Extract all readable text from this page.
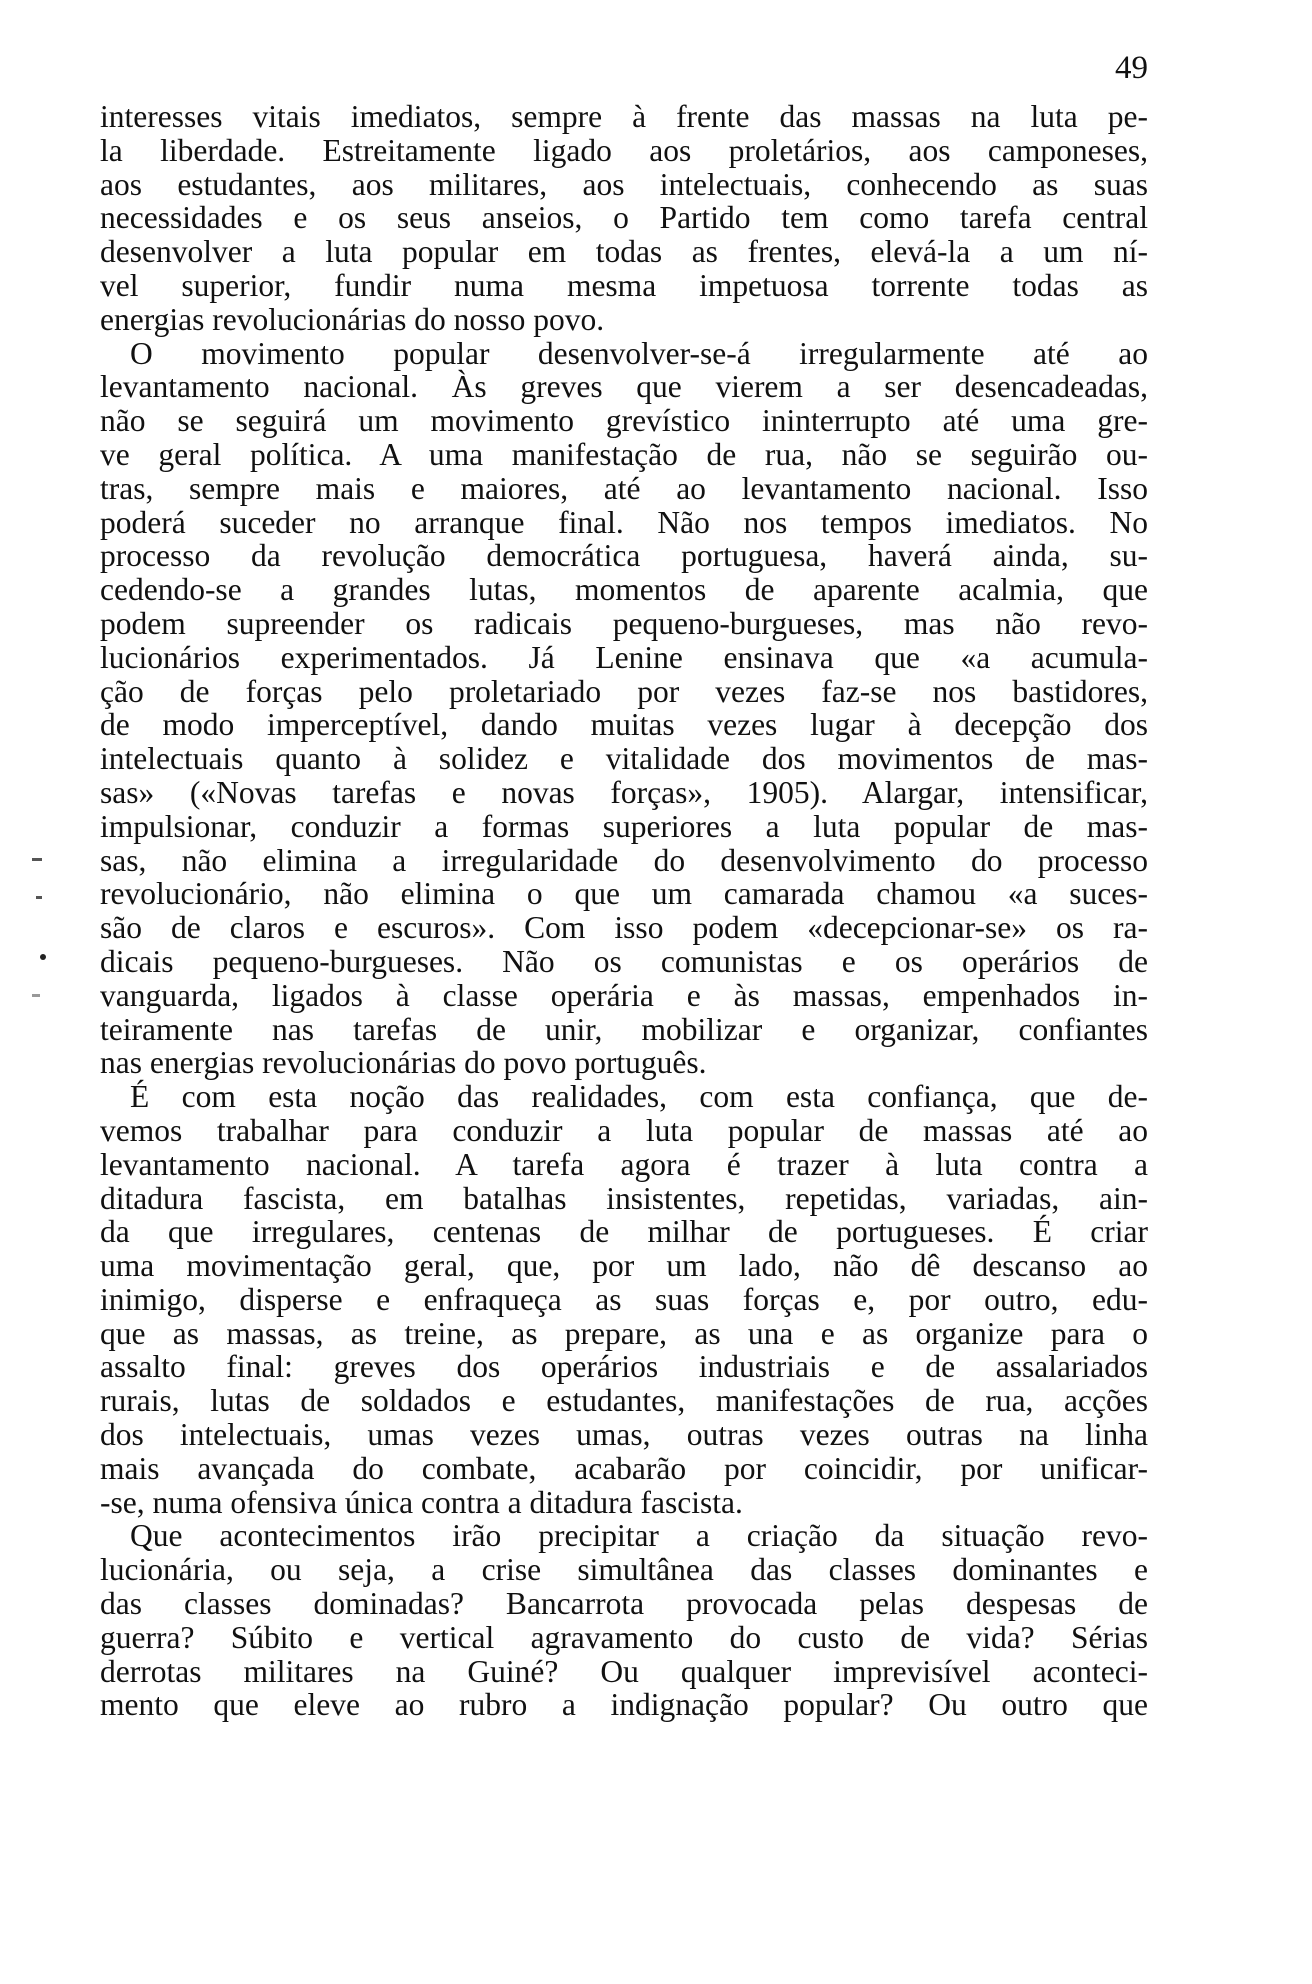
49

interesses vitais imediatos, sempre à frente das massas na luta pe-
la liberdade. Estreitamente ligado aos proletários, aos camponeses,
aos estudantes, aos militares, aos intelectuais, conhecendo as suas
necessidades e os seus anseios, o Partido tem como tarefa central
desenvolver a luta popular em todas as frentes, elevá-la a um ní-
vel superior, fundir numa mesma impetuosa torrente todas as
energias revolucionárias do nosso povo.

O movimento popular desenvolver-se-á irregularmente até ao
levantamento nacional. Às greves que vierem a ser desencadeadas,
não se seguirá um movimento grevístico ininterrupto até uma gre-
ve geral política. A uma manifestação de rua, não se seguirão ou-
tras, sempre mais e maiores, até ao levantamento nacional. Isso
poderá suceder no arranque final. Não nos tempos imediatos. No
processo da revolução democrática portuguesa, haverá ainda, su-
cedendo-se a grandes lutas, momentos de aparente acalmia, que
podem supreender os radicais pequeno-burgueses, mas não revo-
lucionários experimentados. Já Lenine ensinava que «a acumula-
ção de forças pelo proletariado por vezes faz-se nos bastidores,
de modo imperceptível, dando muitas vezes lugar à decepção dos
intelectuais quanto à solidez e vitalidade dos movimentos de mas-
sas» («Novas tarefas e novas forças», 1905). Alargar, intensificar,
impulsionar, conduzir a formas superiores a luta popular de mas-
sas, não elimina a irregularidade do desenvolvimento do processo
revolucionário, não elimina o que um camarada chamou «a suces-
são de claros e escuros». Com isso podem «decepcionar-se» os ra-
dicais pequeno-burgueses. Não os comunistas e os operários de
vanguarda, ligados à classe operária e às massas, empenhados in-
teiramente nas tarefas de unir, mobilizar e organizar, confiantes
nas energias revolucionárias do povo português.

É com esta noção das realidades, com esta confiança, que de-
vemos trabalhar para conduzir a luta popular de massas até ao
levantamento nacional. A tarefa agora é trazer à luta contra a
ditadura fascista, em batalhas insistentes, repetidas, variadas, ain-
da que irregulares, centenas de milhar de portugueses. É criar
uma movimentação geral, que, por um lado, não dê descanso ao
inimigo, disperse e enfraqueça as suas forças e, por outro, edu-
que as massas, as treine, as prepare, as una e as organize para o
assalto final: greves dos operários industriais e de assalariados
rurais, lutas de soldados e estudantes, manifestações de rua, acções
dos intelectuais, umas vezes umas, outras vezes outras na linha
mais avançada do combate, acabarão por coincidir, por unificar-
-se, numa ofensiva única contra a ditadura fascista.

Que acontecimentos irão precipitar a criação da situação revo-
lucionária, ou seja, a crise simultânea das classes dominantes e
das classes dominadas? Bancarrota provocada pelas despesas de
guerra? Súbito e vertical agravamento do custo de vida? Sérias
derrotas militares na Guiné? Ou qualquer imprevisível aconteci-
mento que eleve ao rubro a indignação popular? Ou outro que
